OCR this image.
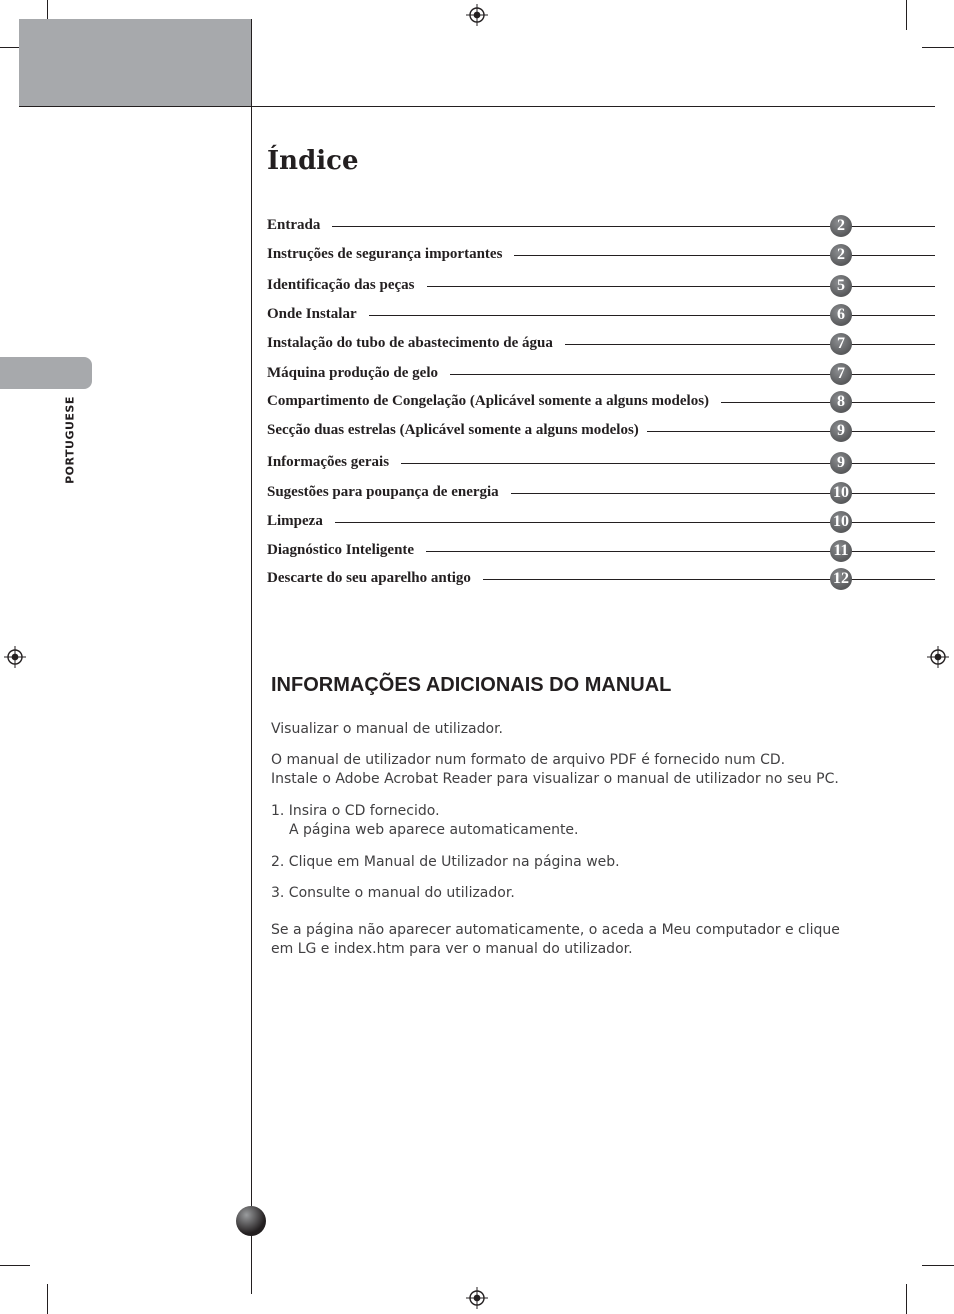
PORTUGUESE
Índice
Entrada	2
Instruções de segurança importantes	2
Identificação das peças	5
Onde Instalar	6
Instalação do tubo de abastecimento de água	7
Máquina produção de gelo	7
Compartimento de Congelação (Aplicável somente a alguns modelos)	8
Secção duas estrelas (Aplicável somente a alguns modelos)	9
Informações gerais	9
Sugestões para poupança de energia	10
Limpeza	10
Diagnóstico Inteligente	11
Descarte do seu aparelho antigo	12
INFORMAÇÕES ADICIONAIS DO MANUAL

Visualizar o manual de utilizador.

O manual de utilizador num formato de arquivo PDF é fornecido num CD.
Instale o Adobe Acrobat Reader para visualizar o manual de utilizador no seu PC.

1. Insira o CD fornecido.
A página web aparece automaticamente.

2. Clique em Manual de Utilizador na página web.

3. Consulte o manual do utilizador.

Se a página não aparecer automaticamente, o aceda a Meu computador e clique
em LG e index.htm para ver o manual do utilizador.
